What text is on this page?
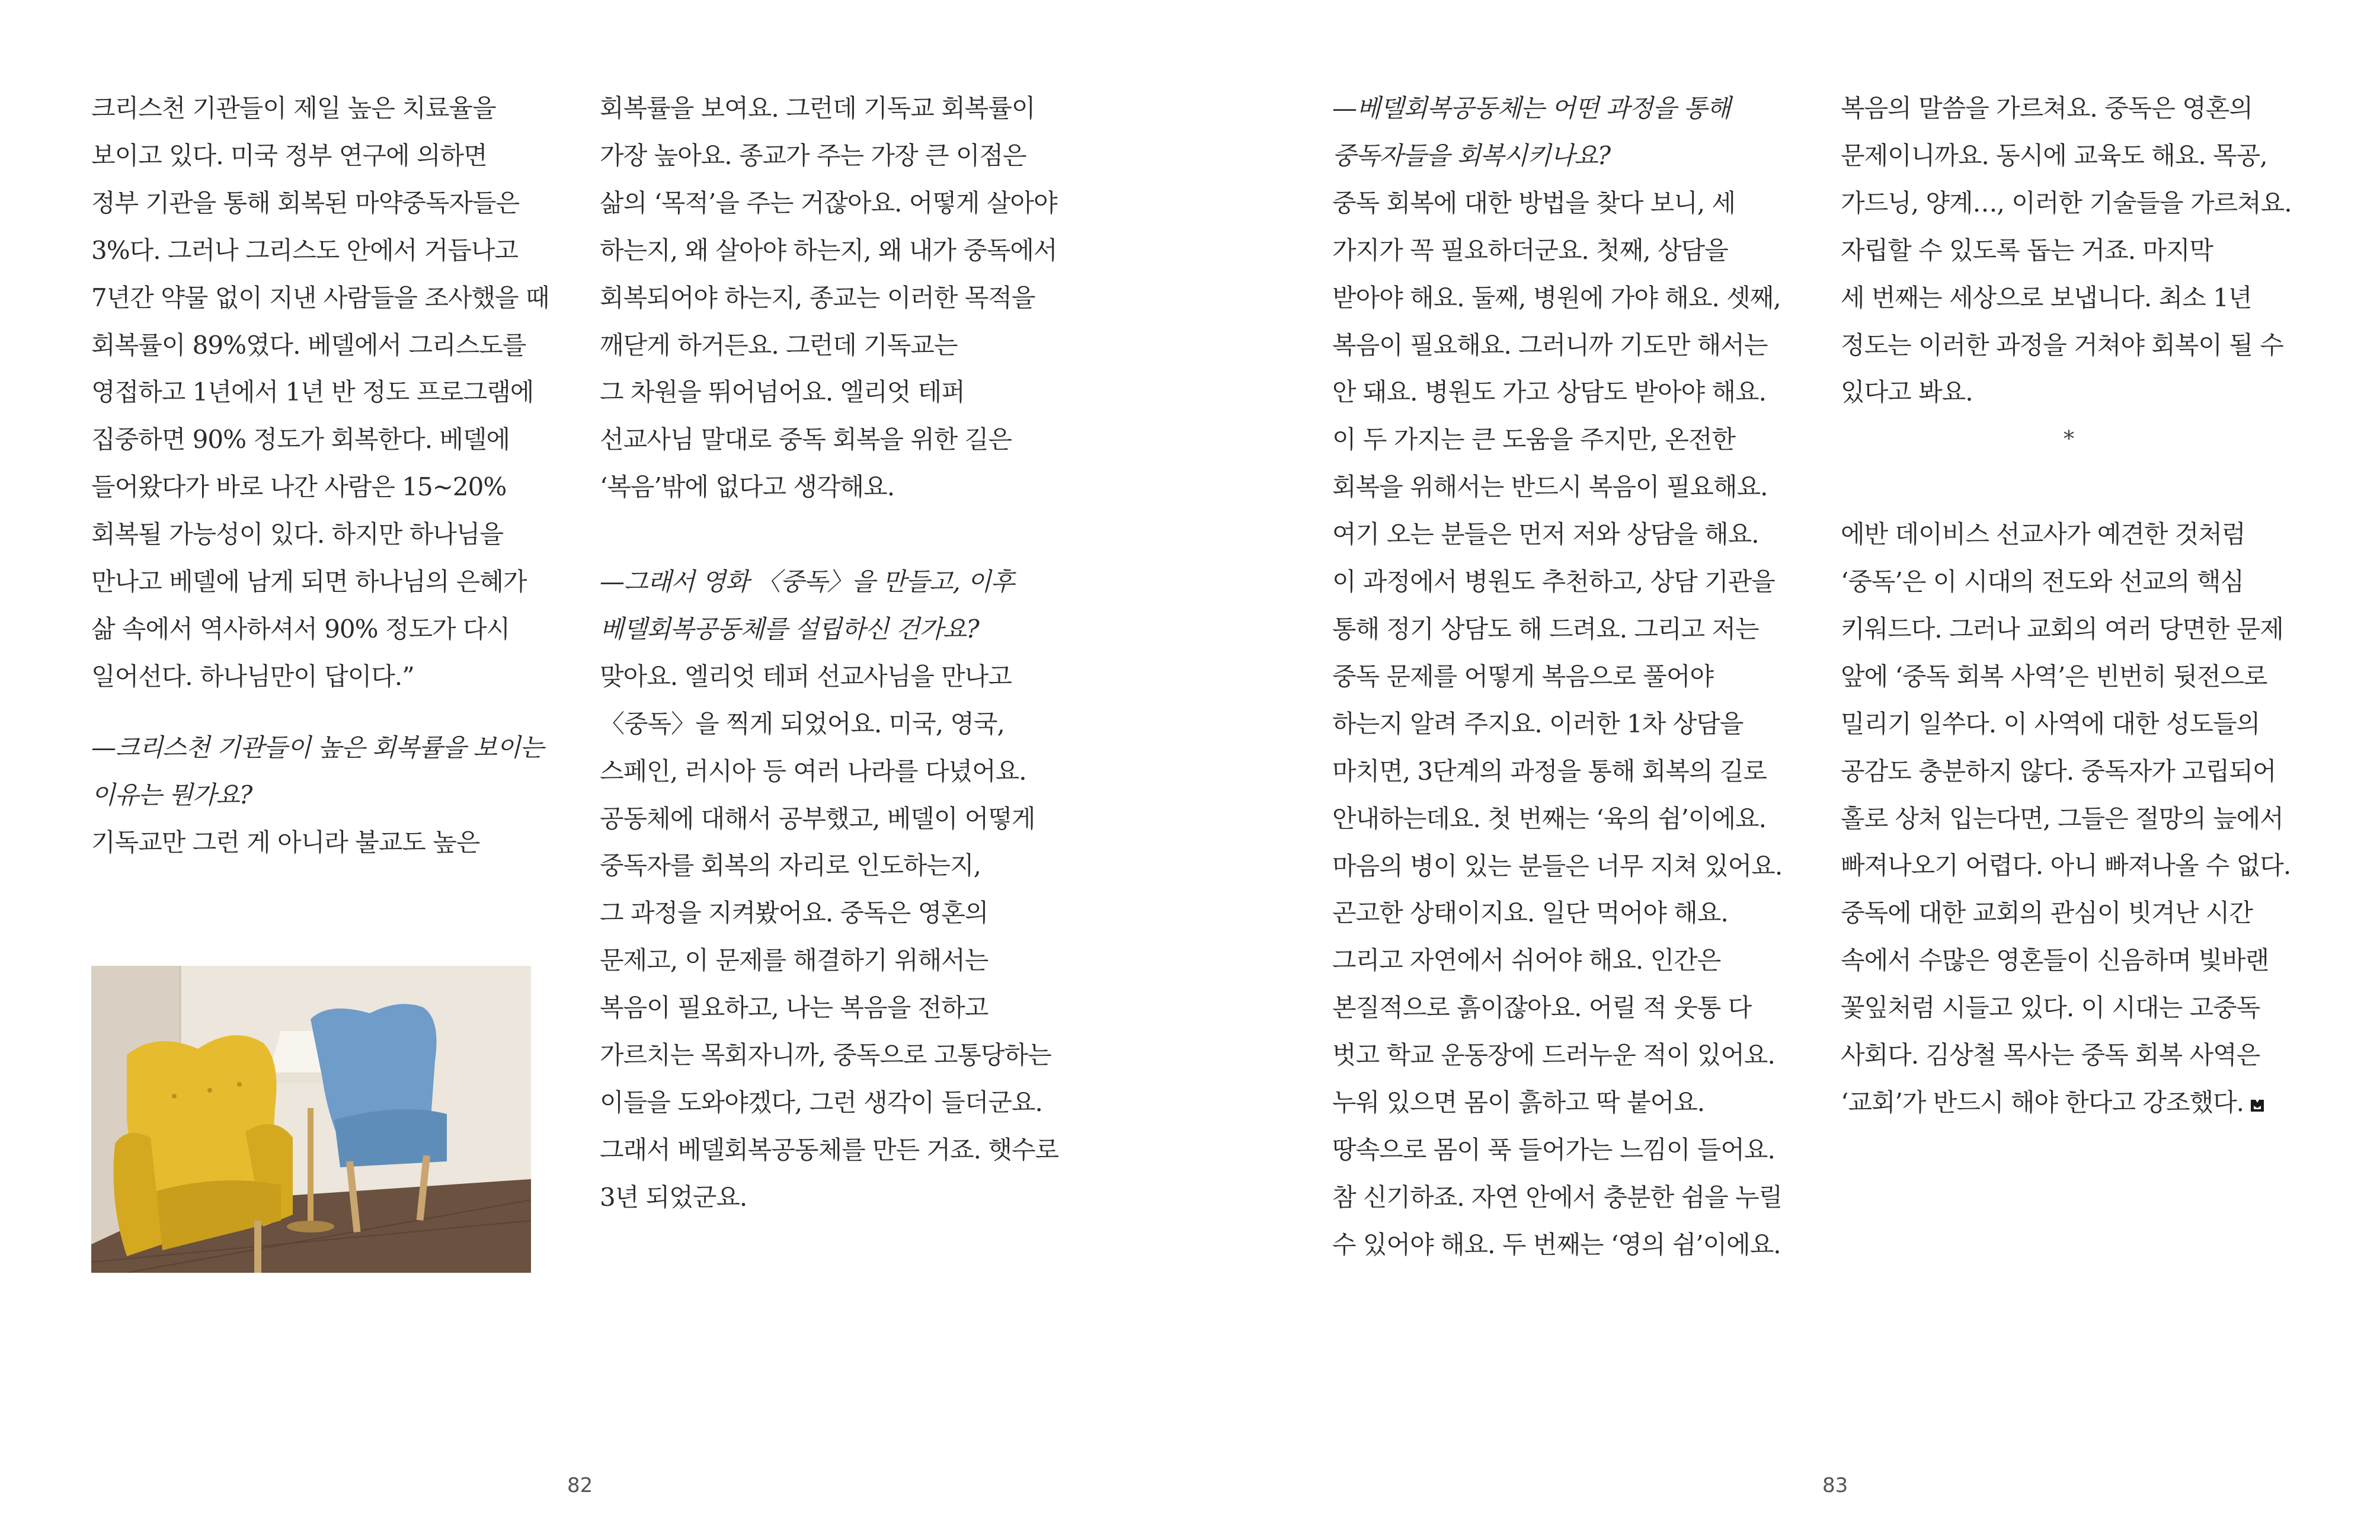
크리스천 기관들이 제일 높은 치료율을
보이고 있다. 미국 정부 연구에 의하면
정부 기관을 통해 회복된 마약중독자들은
3%다. 그러나 그리스도 안에서 거듭나고
7년간 약물 없이 지낸 사람들을 조사했을 때
회복률이 89%였다. 베델에서 그리스도를
영접하고 1년에서 1년 반 정도 프로그램에
집중하면 90% 정도가 회복한다. 베델에
들어왔다가 바로 나간 사람은 15~20%
회복될 가능성이 있다. 하지만 하나님을
만나고 베델에 남게 되면 하나님의 은혜가
삶 속에서 역사하셔서 90% 정도가 다시
일어선다. 하나님만이 답이다.”

—크리스천 기관들이 높은 회복률을 보이는
이유는 뭔가요?

기독교만 그런 게 아니라 불교도 높은

회복률을 보여요. 그런데 기독교 회복률이
가장 높아요. 종교가 주는 가장 큰 이점은
삶의 ‘목적’을 주는 거잖아요. 어떻게 살아야
하는지, 왜 살아야 하는지, 왜 내가 중독에서
회복되어야 하는지, 종교는 이러한 목적을
깨닫게 하거든요. 그런데 기독교는
그 차원을 뛰어넘어요. 엘리엇 테퍼
선교사님 말대로 중독 회복을 위한 길은
‘복음’밖에 없다고 생각해요.

—그래서 영화 〈중독〉을 만들고, 이후
베델회복공동체를 설립하신 건가요?

맞아요. 엘리엇 테퍼 선교사님을 만나고
〈중독〉을 찍게 되었어요. 미국, 영국,
스페인, 러시아 등 여러 나라를 다녔어요.
공동체에 대해서 공부했고, 베델이 어떻게
중독자를 회복의 자리로 인도하는지,
그 과정을 지켜봤어요. 중독은 영혼의
문제고, 이 문제를 해결하기 위해서는
복음이 필요하고, 나는 복음을 전하고
가르치는 목회자니까, 중독으로 고통당하는
이들을 도와야겠다, 그런 생각이 들더군요.
그래서 베델회복공동체를 만든 거죠. 햇수로
3년 되었군요.

82

—베델회복공동체는 어떤 과정을 통해
중독자들을 회복시키나요?

중독 회복에 대한 방법을 찾다 보니, 세
가지가 꼭 필요하더군요. 첫째, 상담을
받아야 해요. 둘째, 병원에 가야 해요. 셋째,
복음이 필요해요. 그러니까 기도만 해서는
안 돼요. 병원도 가고 상담도 받아야 해요.
이 두 가지는 큰 도움을 주지만, 온전한
회복을 위해서는 반드시 복음이 필요해요.
여기 오는 분들은 먼저 저와 상담을 해요.
이 과정에서 병원도 추천하고, 상담 기관을
통해 정기 상담도 해 드려요. 그리고 저는
중독 문제를 어떻게 복음으로 풀어야
하는지 알려 주지요. 이러한 1차 상담을
마치면, 3단계의 과정을 통해 회복의 길로
안내하는데요. 첫 번째는 ‘육의 쉼’이에요.
마음의 병이 있는 분들은 너무 지쳐 있어요.
곤고한 상태이지요. 일단 먹어야 해요.
그리고 자연에서 쉬어야 해요. 인간은
본질적으로 흙이잖아요. 어릴 적 웃통 다
벗고 학교 운동장에 드러누운 적이 있어요.
누워 있으면 몸이 흙하고 딱 붙어요.
땅속으로 몸이 푹 들어가는 느낌이 들어요.
참 신기하죠. 자연 안에서 충분한 쉼을 누릴
수 있어야 해요. 두 번째는 ‘영의 쉼’이에요.

복음의 말씀을 가르쳐요. 중독은 영혼의
문제이니까요. 동시에 교육도 해요. 목공,
가드닝, 양계…, 이러한 기술들을 가르쳐요.
자립할 수 있도록 돕는 거죠. 마지막
세 번째는 세상으로 보냅니다. 최소 1년
정도는 이러한 과정을 거쳐야 회복이 될 수
있다고 봐요.

*

에반 데이비스 선교사가 예견한 것처럼
‘중독’은 이 시대의 전도와 선교의 핵심
키워드다. 그러나 교회의 여러 당면한 문제
앞에 ‘중독 회복 사역’은 빈번히 뒷전으로
밀리기 일쑤다. 이 사역에 대한 성도들의
공감도 충분하지 않다. 중독자가 고립되어
홀로 상처 입는다면, 그들은 절망의 늪에서
빠져나오기 어렵다. 아니 빠져나올 수 없다.
중독에 대한 교회의 관심이 빗겨난 시간
속에서 수많은 영혼들이 신음하며 빛바랜
꽃잎처럼 시들고 있다. 이 시대는 고중독
사회다. 김상철 목사는 중독 회복 사역은
‘교회’가 반드시 해야 한다고 강조했다.

83
